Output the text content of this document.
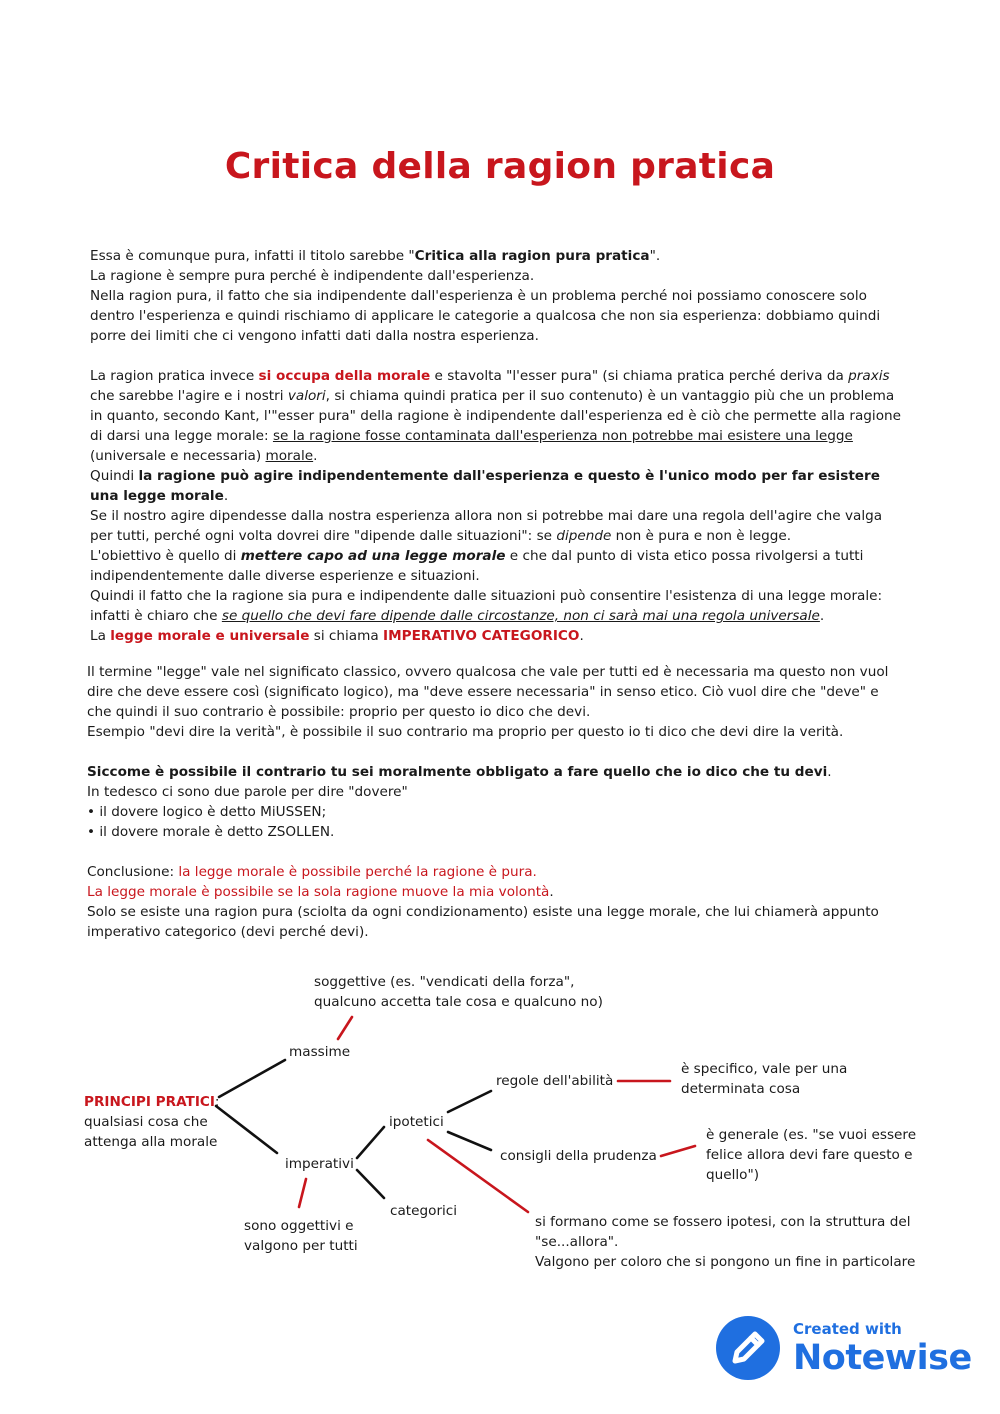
Critica della ragion pratica

Essa è comunque pura, infatti il titolo sarebbe "Critica alla ragion pura pratica".

La ragione è sempre pura perché è indipendente dall'esperienza.

Nella ragion pura, il fatto che sia indipendente dall'esperienza è un problema perché noi possiamo conoscere solo dentro l'esperienza e quindi rischiamo di applicare le categorie a qualcosa che non sia esperienza: dobbiamo quindi porre dei limiti che ci vengono infatti dati dalla nostra esperienza.

La ragion pratica invece si occupa della morale e stavolta "l'esser pura" (si chiama pratica perché deriva da praxis che sarebbe l'agire e i nostri valori, si chiama quindi pratica per il suo contenuto) è un vantaggio più che un problema in quanto, secondo Kant, l'"esser pura" della ragione è indipendente dall'esperienza ed è ciò che permette alla ragione di darsi una legge morale: se la ragione fosse contaminata dall'esperienza non potrebbe mai esistere una legge (universale e necessaria) morale.

Quindi la ragione può agire indipendentemente dall'esperienza e questo è l'unico modo per far esistere una legge morale.

Se il nostro agire dipendesse dalla nostra esperienza allora non si potrebbe mai dare una regola dell'agire che valga per tutti, perché ogni volta dovrei dire "dipende dalle situazioni": se dipende non è pura e non è legge.

L'obiettivo è quello di mettere capo ad una legge morale e che dal punto di vista etico possa rivolgersi a tutti indipendentemente dalle diverse esperienze e situazioni.

Quindi il fatto che la ragione sia pura e indipendente dalle situazioni può consentire l'esistenza di una legge morale: infatti è chiaro che se quello che devi fare dipende dalle circostanze, non ci sarà mai una regola universale.

La legge morale e universale si chiama IMPERATIVO CATEGORICO.

Il termine "legge" vale nel significato classico, ovvero qualcosa che vale per tutti ed è necessaria ma questo non vuol dire che deve essere così (significato logico), ma "deve essere necessaria" in senso etico. Ciò vuol dire che "deve" e che quindi il suo contrario è possibile: proprio per questo io dico che devi.

Esempio "devi dire la verità", è possibile il suo contrario ma proprio per questo io ti dico che devi dire la verità.

Siccome è possibile il contrario tu sei moralmente obbligato a fare quello che io dico che tu devi.

In tedesco ci sono due parole per dire "dovere"

• il dovere logico è detto MiUSSEN;

• il dovere morale è detto ZSOLLEN.

Conclusione: la legge morale è possibile perché la ragione è pura.

La legge morale è possibile se la sola ragione muove la mia volontà.

Solo se esiste una ragion pura (sciolta da ogni condizionamento) esiste una legge morale, che lui chiamerà appunto imperativo categorico (devi perché devi).

PRINCIPI PRATICI:
qualsiasi cosa che
attenga alla morale
soggettive (es. "vendicati della forza",
qualcuno accetta tale cosa e qualcuno no)
massime
imperativi
sono oggettivi e
valgono per tutti
ipotetici
categorici
regole dell'abilità
è specifico, vale per una
determinata cosa
consigli della prudenza
è generale (es. "se vuoi essere
felice allora devi fare questo e
quello")
si formano come se fossero ipotesi, con la struttura del
"se...allora".
Valgono per coloro che si pongono un fine in particolare
Created with
Notewise
